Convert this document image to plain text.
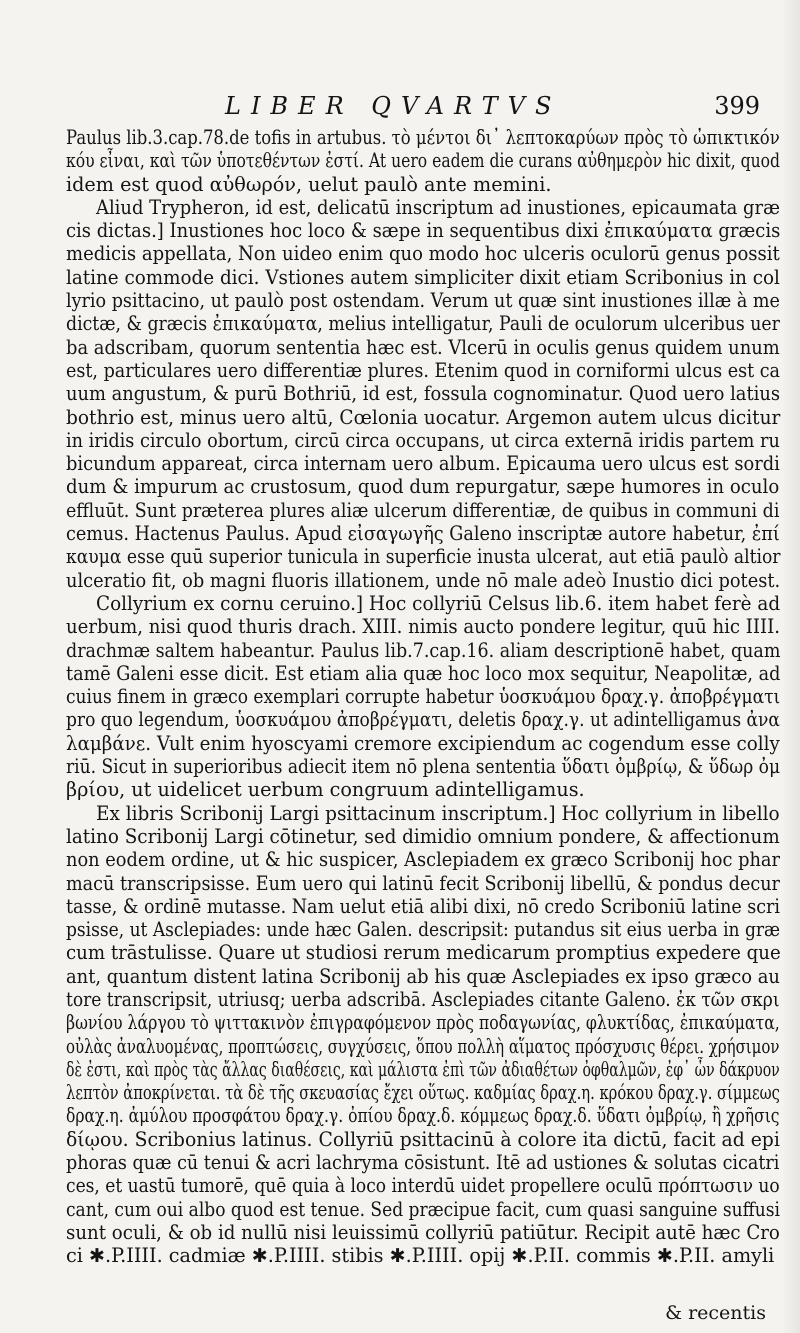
LIBER QVARTVS	399
Paulus lib.3.cap.78.de tofis in artubus. τὸ μέντοι δι᾽ λεπτοκαρύων πρὸς τὸ ὠπικτικόν
κόυ εἶναι, καὶ τῶν ὑποτεθέντων ἐστί. At uero eadem die curans αὐθημερὸν hic dixit, quod
idem est quod αὐθωρόν, uelut paulò ante memini.
Aliud Trypheron, id est, delicatū inscriptum ad inustiones, epicaumata græ
cis dictas.] Inustiones hoc loco & sæpe in sequentibus dixi ἐπικαύματα græcis
medicis appellata, Non uideo enim quo modo hoc ulceris oculorū genus possit
latine commode dici. Vstiones autem simpliciter dixit etiam Scribonius in col
lyrio psittacino, ut paulò post ostendam. Verum ut quæ sint inustiones illæ à me
dictæ, & græcis ἐπικαύματα, melius intelligatur, Pauli de oculorum ulceribus uer
ba adscribam, quorum sententia hæc est. Vlcerū in oculis genus quidem unum
est, particulares uero differentiæ plures. Etenim quod in corniformi ulcus est ca
uum angustum, & purū Bothriū, id est, fossula cognominatur. Quod uero latius
bothrio est, minus uero altū, Cœlonia uocatur. Argemon autem ulcus dicitur
in iridis circulo obortum, circū circa occupans, ut circa externā iridis partem ru
bicundum appareat, circa internam uero album. Epicauma uero ulcus est sordi
dum & impurum ac crustosum, quod dum repurgatur, sæpe humores in oculo
effluūt. Sunt præterea plures aliæ ulcerum differentiæ, de quibus in communi di
cemus. Hactenus Paulus. Apud εἰσαγωγῆς Galeno inscriptæ autore habetur, ἐπί
καυμα esse quū superior tunicula in superficie inusta ulcerat, aut etiā paulò altior
ulceratio fit, ob magni fluoris illationem, unde nō male adeò Inustio dici potest.
Collyrium ex cornu ceruino.] Hoc collyriū Celsus lib.6. item habet ferè ad
uerbum, nisi quod thuris drach. XIII. nimis aucto pondere legitur, quū hic IIII.
drachmæ saltem habeantur. Paulus lib.7.cap.16. aliam descriptionē habet, quam
tamē Galeni esse dicit. Est etiam alia quæ hoc loco mox sequitur, Neapolitæ, ad
cuius finem in græco exemplari corrupte habetur ὑοσκυάμου δραχ.γ. ἀποβρέγματι
pro quo legendum, ὑοσκυάμου ἀποβρέγματι, deletis δραχ.γ. ut adintelligamus ἀνα
λαμβάνε. Vult enim hyoscyami cremore excipiendum ac cogendum esse colly
riū. Sicut in superioribus adiecit item nō plena sententia ὕδατι ὀμβρίῳ, & ὕδωρ ὀμ
βρίου, ut uidelicet uerbum congruum adintelligamus.
Ex libris Scribonij Largi psittacinum inscriptum.] Hoc collyrium in libello
latino Scribonij Largi cōtinetur, sed dimidio omnium pondere, & affectionum
non eodem ordine, ut & hic suspicer, Asclepiadem ex græco Scribonij hoc phar
macū transcripsisse. Eum uero qui latinū fecit Scribonij libellū, & pondus decur
tasse, & ordinē mutasse. Nam uelut etiā alibi dixi, nō credo Scriboniū latine scri
psisse, ut Asclepiades: unde hæc Galen. descripsit: putandus sit eius uerba in græ
cum trāstulisse. Quare ut studiosi rerum medicarum promptius expedere que
ant, quantum distent latina Scribonij ab his quæ Asclepiades ex ipso græco au
tore transcripsit, utriusq; uerba adscribā. Asclepiades citante Galeno. ἐκ τῶν σκρι
βωνίου λάργου τὸ ψιττακινὸν ἐπιγραφόμενον πρὸς ποδαγωνίας, φλυκτίδας, ἐπικαύματα,
οὐλὰς ἀναλυομένας, προπτώσεις, συγχύσεις, ὅπου πολλὴ αἵματος πρόσχυσις θέρει. χρήσιμον
δὲ ἐστι, καὶ πρὸς τὰς ἄλλας διαθέσεις, καὶ μάλιστα ἐπὶ τῶν ἀδιαθέτων ὀφθαλμῶν, ἐφ᾽ ὧν δάκρυον
λεπτὸν ἀποκρίνεται. τὰ δὲ τῆς σκευασίας ἔχει οὕτως. καδμίας δραχ.η. κρόκου δραχ.γ. σίμμεως
δραχ.η. ἀμύλου προσφάτου δραχ.γ. ὀπίου δραχ.δ. κόμμεως δραχ.δ. ὕδατι ὀμβρίῳ, ἢ χρῆσις
δίῳου. Scribonius latinus. Collyriū psittacinū à colore ita dictū, facit ad epi
phoras quæ cū tenui & acri lachryma cōsistunt. Itē ad ustiones & solutas cicatri
ces, et uastū tumorē, quē quia à loco interdū uidet propellere oculū πρόπτωσιν uo
cant, cum oui albo quod est tenue. Sed præcipue facit, cum quasi sanguine suffusi
sunt oculi, & ob id nullū nisi leuissimū collyriū patiūtur. Recipit autē hæc Cro
ci ✱.P.IIII. cadmiæ ✱.P.IIII. stibis ✱.P.IIII. opij ✱.P.II. commis ✱.P.II. amyli
& recentis
